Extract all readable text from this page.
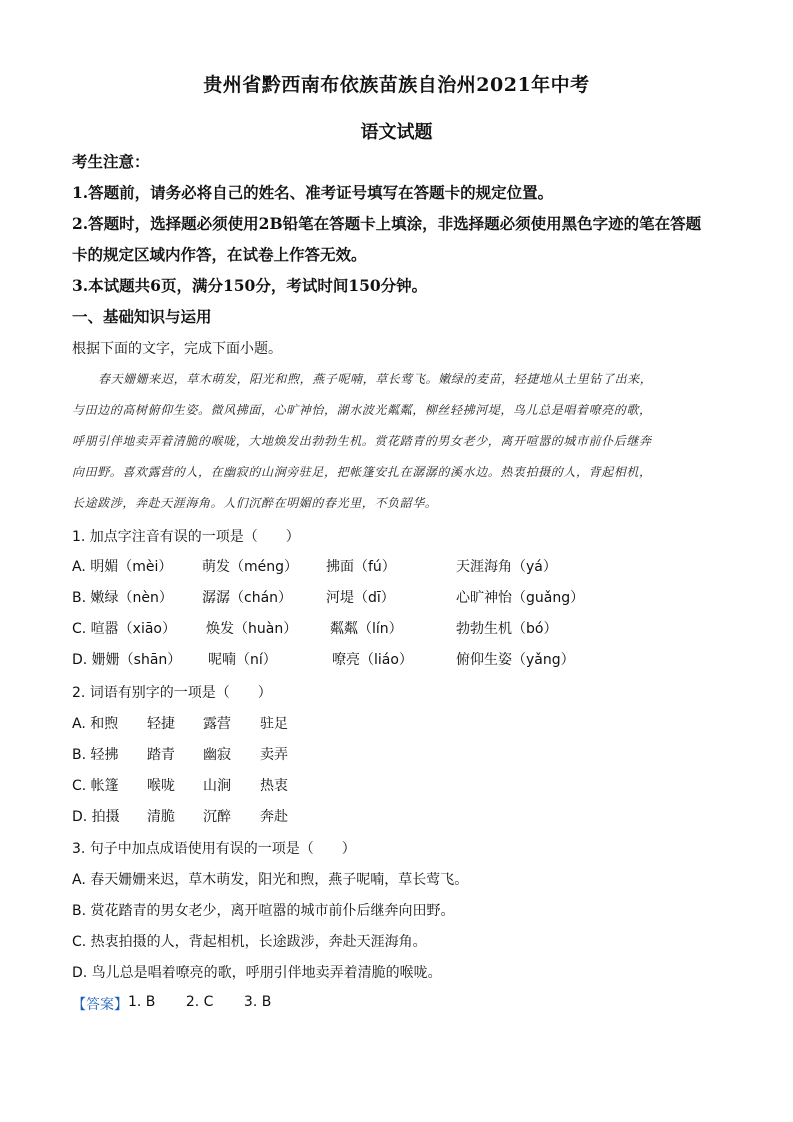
贵州省黔西南布依族苗族自治州2021年中考
语文试题
考生注意：
1.答题前，请务必将自己的姓名、准考证号填写在答题卡的规定位置。
2.答题时，选择题必须使用2B铅笔在答题卡上填涂，非选择题必须使用黑色字迹的笔在答题
卡的规定区域内作答，在试卷上作答无效。
3.本试题共6页，满分150分，考试时间150分钟。
一、基础知识与运用
根据下面的文字，完成下面小题。
春天姗姗来迟，草木萌发，阳光和煦，燕子呢喃，草长莺飞。嫩绿的麦苗，轻捷地从土里钻了出来，
与田边的高树俯仰生姿。微风拂面，心旷神怡，湖水波光粼粼，柳丝轻拂河堤，鸟儿总是唱着嘹亮的歌，
呼朋引伴地卖弄着清脆的喉咙，大地焕发出勃勃生机。赏花踏青的男女老少，离开喧嚣的城市前仆后继奔
向田野。喜欢露营的人，在幽寂的山涧旁驻足，把帐篷安扎在潺潺的溪水边。热衷拍摄的人，背起相机，
长途跋涉，奔赴天涯海角。人们沉醉在明媚的春光里，不负韶华。
1. 加点字注音有误的一项是（　　）
A. 明媚（mèi） 萌发（méng） 拂面（fú）	天涯海角（yá）
B. 嫩绿（nèn） 潺潺（chán） 河堤（dī）	心旷神怡（guǎng）
C. 喧嚣（xiāo） 焕发（huàn） 粼粼（lín）	勃勃生机（bó）
D. 姗姗（shān） 呢喃（ní）	嘹亮（liáo）	俯仰生姿（yǎng）
2. 词语有别字的一项是（　　）
A. 和煦 轻捷 露营 驻足
B. 轻拂 踏青 幽寂 卖弄
C. 帐篷 喉咙 山涧 热衷
D. 拍摄 清脆 沉醉 奔赴
3. 句子中加点成语使用有误的一项是（　　）
A. 春天姗姗来迟，草木萌发，阳光和煦，燕子呢喃，草长莺飞。
B. 赏花踏青的男女老少，离开喧嚣的城市前仆后继奔向田野。
C. 热衷拍摄的人，背起相机，长途跋涉，奔赴天涯海角。
D. 鸟儿总是唱着嘹亮的歌，呼朋引伴地卖弄着清脆的喉咙。
【答案】 1. B 2. C 3. B
